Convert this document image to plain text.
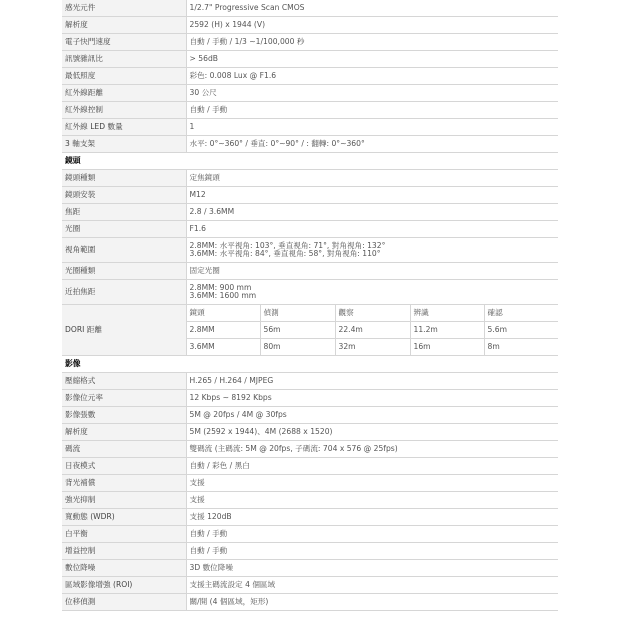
感光元件	1/2.7" Progressive Scan CMOS				
解析度	2592 (H) x 1944 (V)				
電子快門速度	自動 / 手動 / 1/3 ~1/100,000 秒				
訊號雜訊比	> 56dB				
最低照度	彩色: 0.008 Lux @ F1.6				
紅外線距離	30 公尺				
紅外線控制	自動 / 手動				
紅外線 LED 數量	1				
3 軸支架	水平: 0°~360° / 垂直: 0°~90° / : 翻轉: 0°~360°				
鏡頭					
鏡頭種類	定焦鏡頭				
鏡頭安裝	M12				
焦距	2.8 / 3.6MM				
光圈	F1.6				
視角範圍	2.8MM: 水平視角: 103°, 垂直視角: 71°, 對角視角: 132°
3.6MM: 水平視角: 84°, 垂直視角: 58°, 對角視角: 110°				

光圈種類	固定光圈				
近拍焦距	2.8MM: 900 mm
3.6MM: 1600 mm				

DORI 距離	鏡頭	偵測	觀察	辨識	確認
	2.8MM	56m	22.4m	11.2m	5.6m
	3.6MM	80m	32m	16m	8m
影像					
壓縮格式	H.265 / H.264 / MJPEG				
影像位元率	12 Kbps ~ 8192 Kbps				
影像張數	5M @ 20fps / 4M @ 30fps				
解析度	5M (2592 x 1944)、4M (2688 x 1520)				
碼流	雙碼流 (主碼流: 5M @ 20fps, 子碼流: 704 x 576 @ 25fps)				
日夜模式	自動 / 彩色 / 黑白				
背光補償	支援				
強光抑制	支援				
寬動態 (WDR)	支援 120dB				
白平衡	自動 / 手動				
增益控制	自動 / 手動				
數位降噪	3D 數位降噪				
區域影像增強 (ROI)	支援主碼流設定 4 個區域				
位移偵測	關/開 (4 個區域，矩形)				
